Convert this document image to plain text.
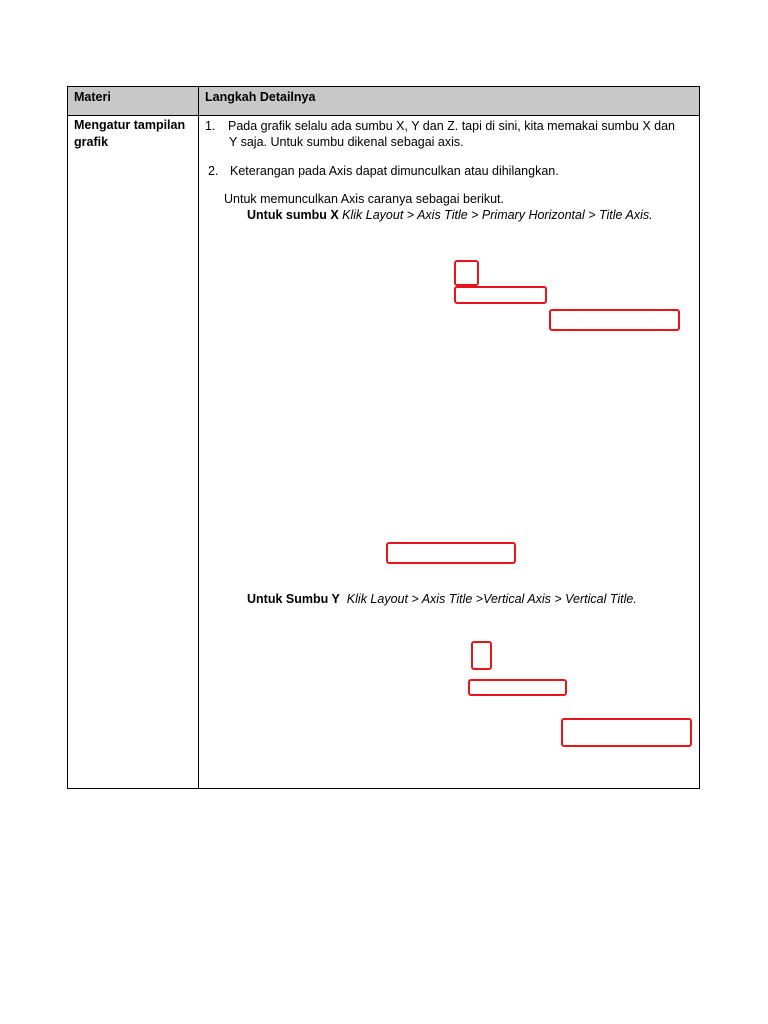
Materi	Langkah Detailnya
Mengatur tampilan grafik
1. Pada grafik selalu ada sumbu X, Y dan Z. tapi di sini, kita memakai sumbu X dan
Y saja. Untuk sumbu dikenal sebagai axis.
2. Keterangan pada Axis dapat dimunculkan atau dihilangkan.
Untuk memunculkan Axis caranya sebagai berikut.
Untuk sumbu X Klik Layout > Axis Title > Primary Horizontal > Title Axis.
Untuk Sumbu Y Klik Layout > Axis Title >Vertical Axis > Vertical Title.
